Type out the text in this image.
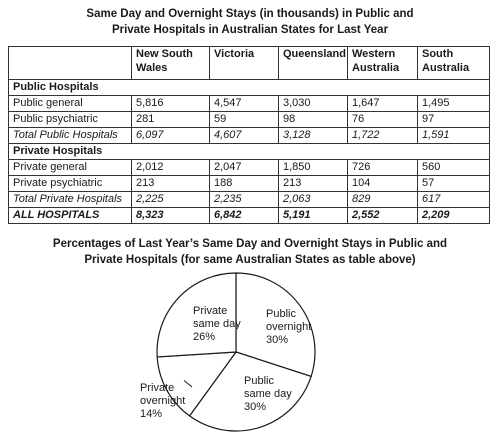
Same Day and Overnight Stays (in thousands) in Public and
Private Hospitals in Australian States for Last Year
	New South Wales	Victoria	Queensland	Western Australia	South Australia
Public Hospitals					
Public general	5,816	4,547	3,030	1,647	1,495
Public psychiatric	281	59	98	76	97
Total Public Hospitals	6,097	4,607	3,128	1,722	1,591
Private Hospitals					
Private general	2,012	2,047	1,850	726	560
Private psychiatric	213	188	213	104	57
Total Private Hospitals	2,225	2,235	2,063	829	617
ALL HOSPITALS	8,323	6,842	5,191	2,552	2,209
Percentages of Last Year’s Same Day and Overnight Stays in Public and
Private Hospitals (for same Australian States as table above)
Public overnight 30%
Public same day 30%
Private overnight 14%
Private same day 26%
